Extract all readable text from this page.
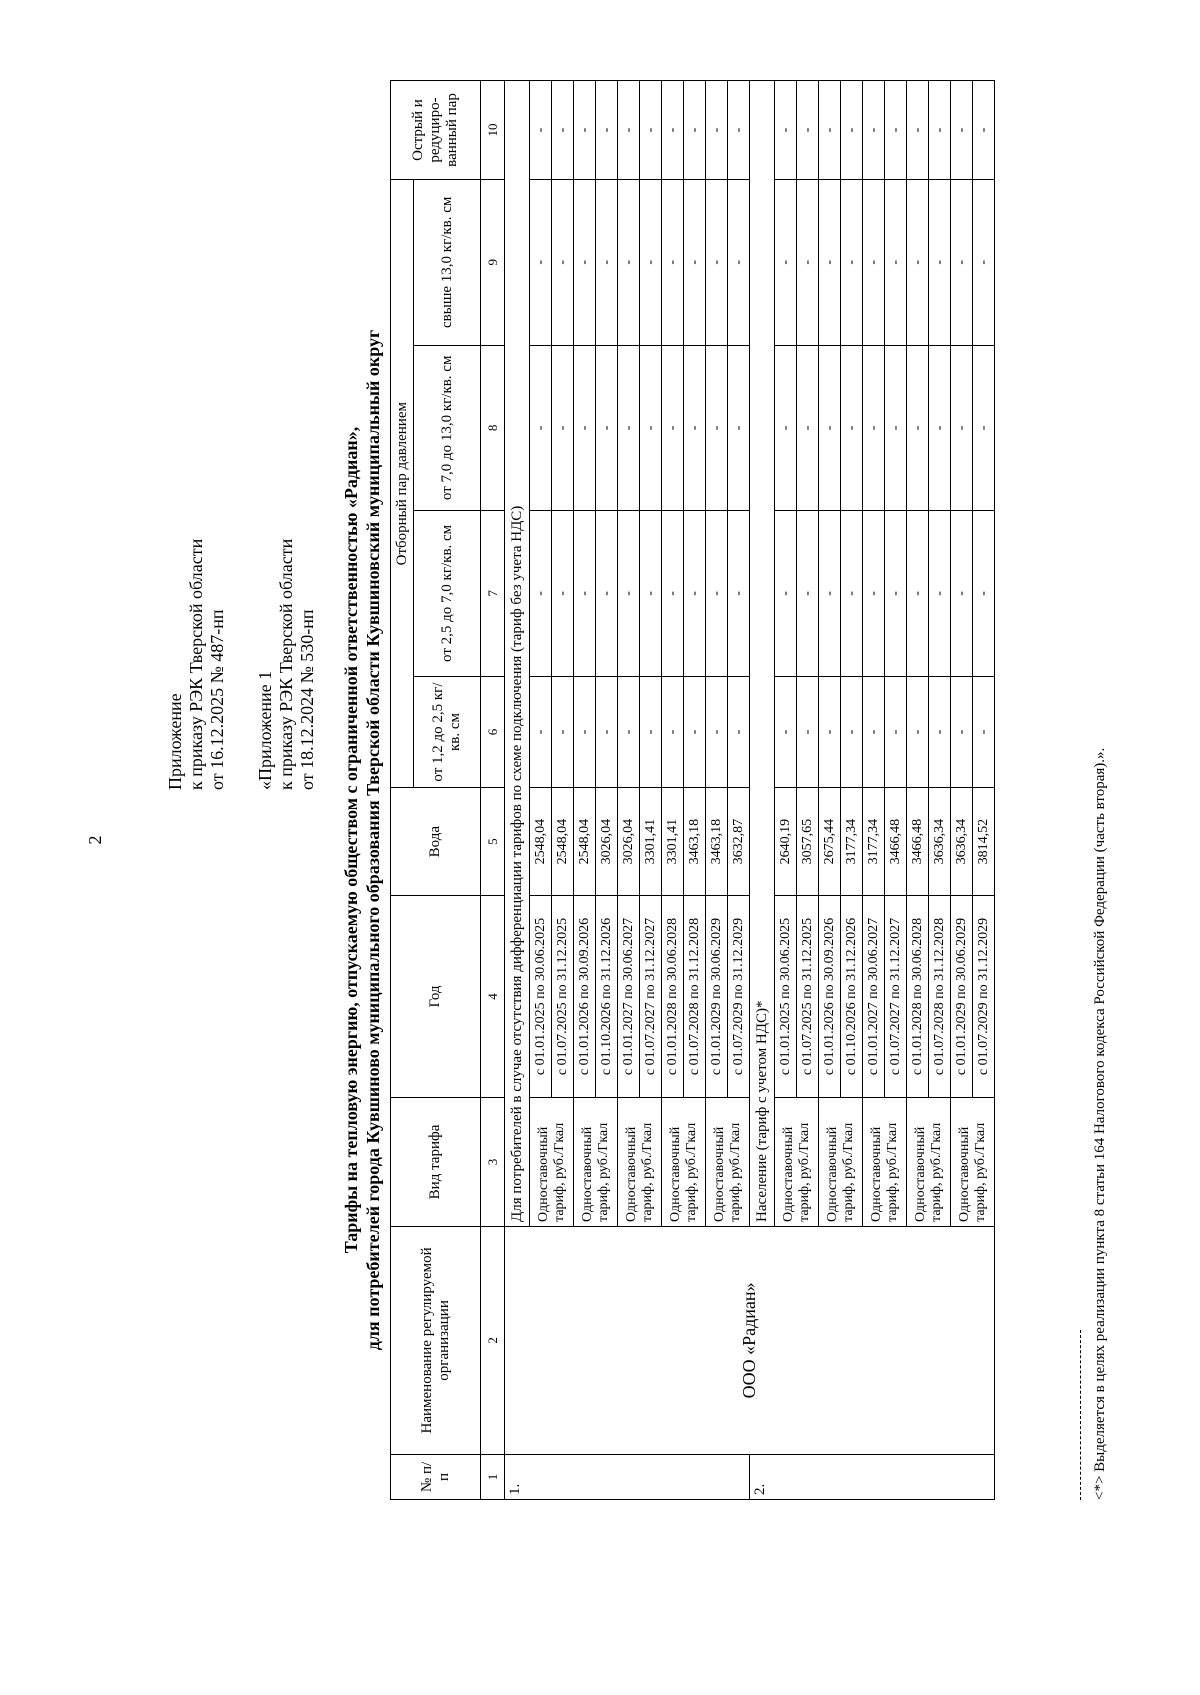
2
Приложение к приказу РЭК Тверской области от 16.12.2025 № 487-нп «Приложение 1 к приказу РЭК Тверской области от 18.12.2024 № 530-нп Тарифы на тепловую энергию, отпускаемую обществом с ограниченной ответственностью «Радиан», для потребителей города Кувшиново муниципального образования Тверской области Кувшиновский муниципальный округ
№ п/ п	Наименование регулируемой организации	Вид тарифа	Год	Вода	Отборный пар давлением				Острый и редуциро-ванный пар
					от 1,2 до 2,5 кг/кв. см	от 2,5 до 7,0 кг/кв. см	от 7,0 до 13,0 кг/кв. см	свыше 13,0 кг/кв. см	
1	2	3	4	5	6	7	8	9	10
1.	ООО «Радиан»	Для потребителей в случае отсутствия дифференциации тарифов по схеме подключения (тариф без учета НДС)							
		Одноставочный тариф, руб./Гкал	с 01.01.2025 по 30.06.2025	2548,04	-	-	-	-	-
			с 01.07.2025 по 31.12.2025	2548,04	-	-	-	-	-
		Одноставочный тариф, руб./Гкал	с 01.01.2026 по 30.09.2026	2548,04	-	-	-	-	-
			с 01.10.2026 по 31.12.2026	3026,04	-	-	-	-	-
		Одноставочный тариф, руб./Гкал	с 01.01.2027 по 30.06.2027	3026,04	-	-	-	-	-
			с 01.07.2027 по 31.12.2027	3301,41	-	-	-	-	-
		Одноставочный тариф, руб./Гкал	с 01.01.2028 по 30.06.2028	3301,41	-	-	-	-	-
			с 01.07.2028 по 31.12.2028	3463,18	-	-	-	-	-
		Одноставочный тариф, руб./Гкал	с 01.01.2029 по 30.06.2029	3463,18	-	-	-	-	-
			с 01.07.2029 по 31.12.2029	3632,87	-	-	-	-	-
2.		Население (тариф с учетом НДС)*							
		Одноставочный тариф, руб./Гкал	с 01.01.2025 по 30.06.2025	2640,19	-	-	-	-	-
			с 01.07.2025 по 31.12.2025	3057,65	-	-	-	-	-
		Одноставочный тариф, руб./Гкал	с 01.01.2026 по 30.09.2026	2675,44	-	-	-	-	-
			с 01.10.2026 по 31.12.2026	3177,34	-	-	-	-	-
		Одноставочный тариф, руб./Гкал	с 01.01.2027 по 30.06.2027	3177,34	-	-	-	-	-
			с 01.07.2027 по 31.12.2027	3466,48	-	-	-	-	-
		Одноставочный тариф, руб./Гкал	с 01.01.2028 по 30.06.2028	3466,48	-	-	-	-	-
			с 01.07.2028 по 31.12.2028	3636,34	-	-	-	-	-
		Одноставочный тариф, руб./Гкал	с 01.01.2029 по 30.06.2029	3636,34	-	-	-	-	-
			с 01.07.2029 по 31.12.2029	3814,52	-	-	-	-	-
<*> Выделяется в целях реализации пункта 8 статьи 164 Налогового кодекса Российской Федерации (часть вторая).».
